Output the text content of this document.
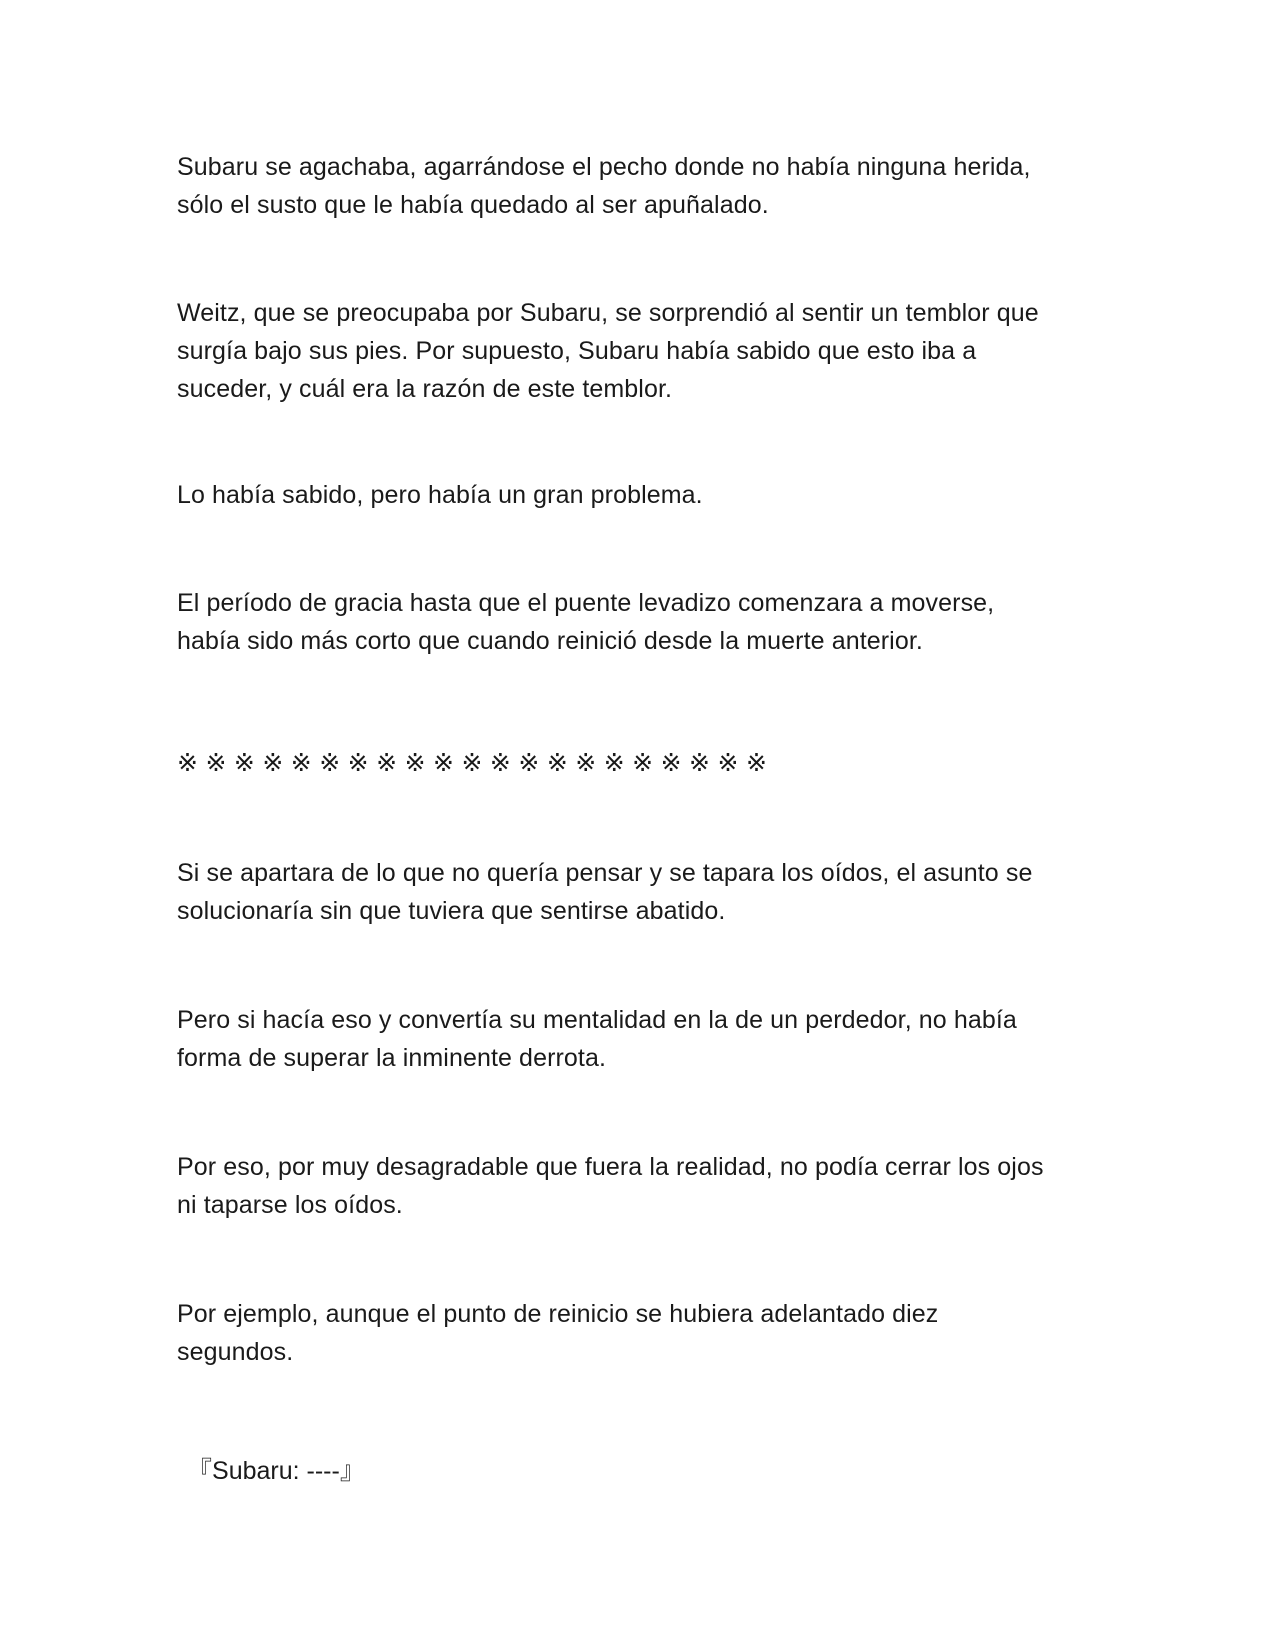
Subaru se agachaba, agarrándose el pecho donde no había ninguna herida,
sólo el susto que le había quedado al ser apuñalado.

Weitz, que se preocupaba por Subaru, se sorprendió al sentir un temblor que
surgía bajo sus pies. Por supuesto, Subaru había sabido que esto iba a
suceder, y cuál era la razón de este temblor.

Lo había sabido, pero había un gran problema.

El período de gracia hasta que el puente levadizo comenzara a moverse,
había sido más corto que cuando reinició desde la muerte anterior.

※※※※※※※※※※※※※※※※※※※※※

Si se apartara de lo que no quería pensar y se tapara los oídos, el asunto se
solucionaría sin que tuviera que sentirse abatido.

Pero si hacía eso y convertía su mentalidad en la de un perdedor, no había
forma de superar la inminente derrota.

Por eso, por muy desagradable que fuera la realidad, no podía cerrar los ojos
ni taparse los oídos.

Por ejemplo, aunque el punto de reinicio se hubiera adelantado diez
segundos.

『Subaru: ----』
